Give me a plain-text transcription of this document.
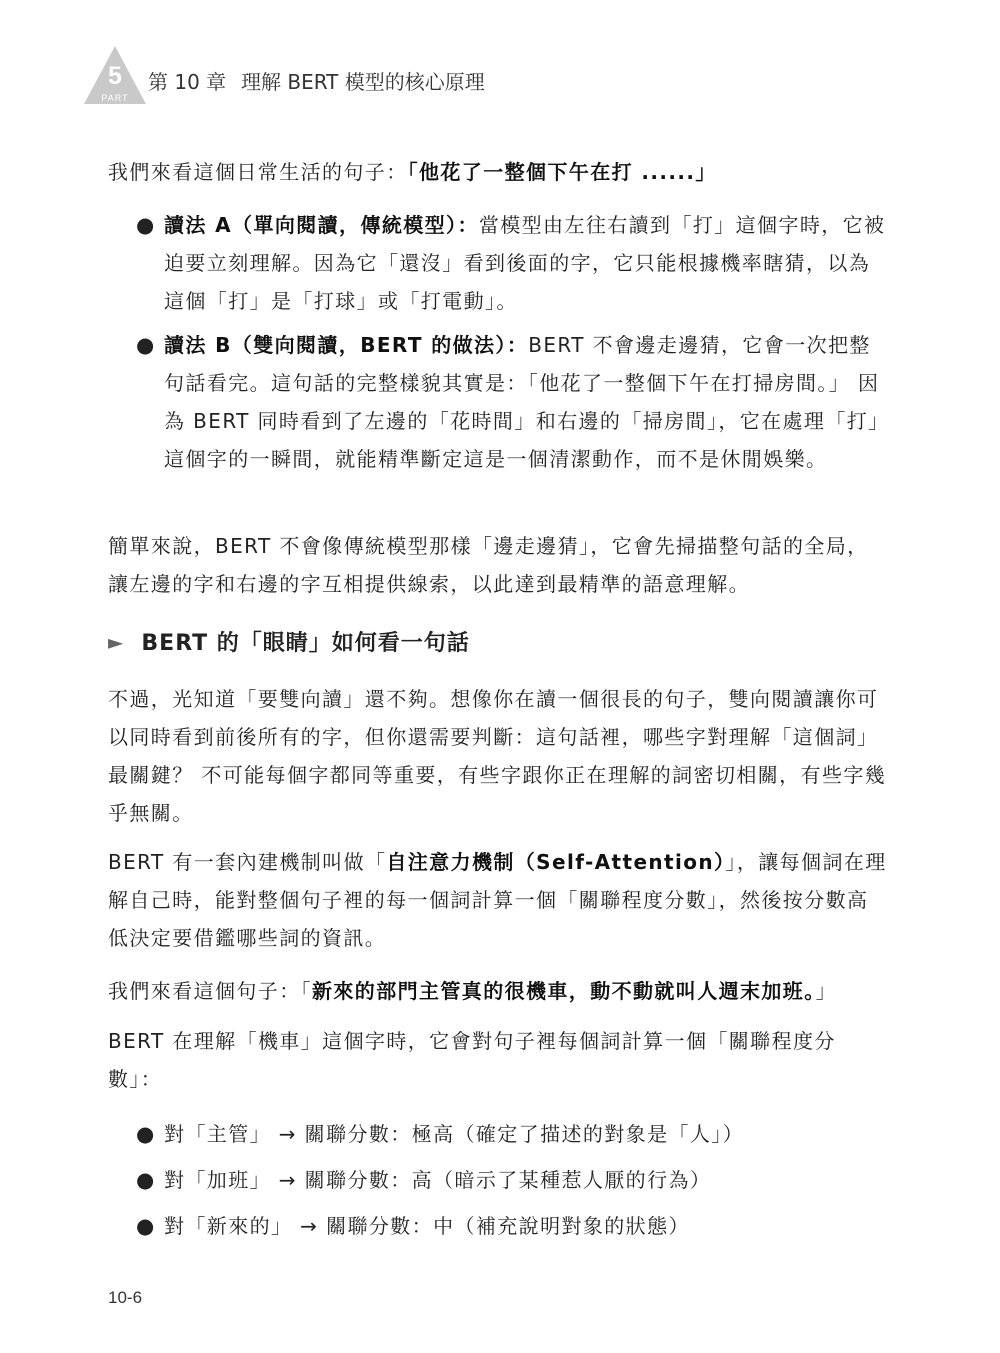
5
PART
第 10 章 理解 BERT 模型的核心原理

我們來看這個日常生活的句子：「他花了一整個下午在打 ......」

● 讀法 A（單向閱讀，傳統模型）：當模型由左往右讀到「打」這個字時，它被迫要立刻理解。因為它「還沒」看到後面的字，它只能根據機率瞎猜，以為這個「打」是「打球」或「打電動」。
● 讀法 B（雙向閱讀，BERT 的做法）：BERT 不會邊走邊猜，它會一次把整句話看完。這句話的完整樣貌其實是：「他花了一整個下午在打掃房間。」 因為 BERT 同時看到了左邊的「花時間」和右邊的「掃房間」，它在處理「打」這個字的一瞬間，就能精準斷定這是一個清潔動作，而不是休閒娛樂。

簡單來說，BERT 不會像傳統模型那樣「邊走邊猜」，它會先掃描整句話的全局，讓左邊的字和右邊的字互相提供線索，以此達到最精準的語意理解。

► BERT 的「眼睛」如何看一句話

不過，光知道「要雙向讀」還不夠。想像你在讀一個很長的句子，雙向閱讀讓你可以同時看到前後所有的字，但你還需要判斷：這句話裡，哪些字對理解「這個詞」最關鍵？ 不可能每個字都同等重要，有些字跟你正在理解的詞密切相關，有些字幾乎無關。

BERT 有一套內建機制叫做「自注意力機制（Self-Attention）」，讓每個詞在理解自己時，能對整個句子裡的每一個詞計算一個「關聯程度分數」，然後按分數高低決定要借鑑哪些詞的資訊。

我們來看這個句子：「新來的部門主管真的很機車，動不動就叫人週末加班。」

BERT 在理解「機車」這個字時，它會對句子裡每個詞計算一個「關聯程度分數」：

● 對「主管」 → 關聯分數：極高（確定了描述的對象是「人」）
● 對「加班」 → 關聯分數：高（暗示了某種惹人厭的行為）
● 對「新來的」 → 關聯分數：中（補充說明對象的狀態）
10-6
